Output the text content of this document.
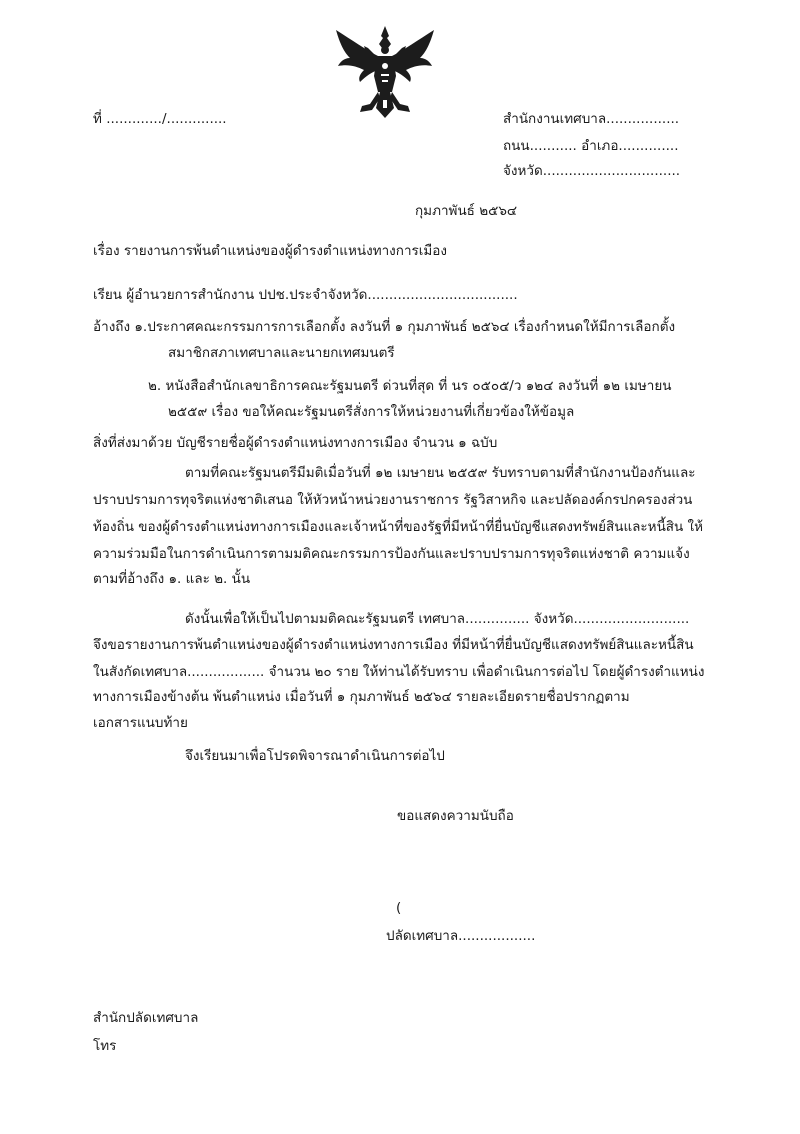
ที่ ............./..............	สำนักงานเทศบาล.................
ถนน........... อำเภอ..............
จังหวัด................................
กุมภาพันธ์ ๒๕๖๔
เรื่อง รายงานการพ้นตำแหน่งของผู้ดำรงตำแหน่งทางการเมือง
เรียน ผู้อำนวยการสำนักงาน ปปช.ประจำจังหวัด...................................
อ้างถึง ๑.ประกาศคณะกรรมการการเลือกตั้ง ลงวันที่ ๑ กุมภาพันธ์ ๒๕๖๔ เรื่องกำหนดให้มีการเลือกตั้ง
สมาชิกสภาเทศบาลและนายกเทศมนตรี
๒. หนังสือสำนักเลขาธิการคณะรัฐมนตรี ด่วนที่สุด ที่ นร ๐๕๐๕/ว ๑๒๔ ลงวันที่ ๑๒ เมษายน
๒๕๕๙ เรื่อง ขอให้คณะรัฐมนตรีสั่งการให้หน่วยงานที่เกี่ยวข้องให้ข้อมูล
สิ่งที่ส่งมาด้วย บัญชีรายชื่อผู้ดำรงตำแหน่งทางการเมือง จำนวน ๑ ฉบับ
ตามที่คณะรัฐมนตรีมีมติเมื่อวันที่ ๑๒ เมษายน ๒๕๕๙ รับทราบตามที่สำนักงานป้องกันและ
ปราบปรามการทุจริตแห่งชาติเสนอ ให้หัวหน้าหน่วยงานราชการ รัฐวิสาหกิจ และปลัดองค์กรปกครองส่วน
ท้องถิ่น ของผู้ดำรงตำแหน่งทางการเมืองและเจ้าหน้าที่ของรัฐที่มีหน้าที่ยื่นบัญชีแสดงทรัพย์สินและหนี้สิน ให้
ความร่วมมือในการดำเนินการตามมติคณะกรรมการป้องกันและปราบปรามการทุจริตแห่งชาติ ความแจ้ง
ตามที่อ้างถึง ๑. และ ๒. นั้น
ดังนั้นเพื่อให้เป็นไปตามมติคณะรัฐมนตรี เทศบาล............... จังหวัด...........................
จึงขอรายงานการพ้นตำแหน่งของผู้ดำรงตำแหน่งทางการเมือง ที่มีหน้าที่ยื่นบัญชีแสดงทรัพย์สินและหนี้สิน
ในสังกัดเทศบาล.................. จำนวน ๒๐ ราย ให้ท่านได้รับทราบ เพื่อดำเนินการต่อไป โดยผู้ดำรงตำแหน่ง
ทางการเมืองข้างต้น พ้นตำแหน่ง เมื่อวันที่ ๑ กุมภาพันธ์ ๒๕๖๔ รายละเอียดรายชื่อปรากฏตาม
เอกสารแนบท้าย
จึงเรียนมาเพื่อโปรดพิจารณาดำเนินการต่อไป
ขอแสดงความนับถือ
(
ปลัดเทศบาล..................
สำนักปลัดเทศบาล
โทร
